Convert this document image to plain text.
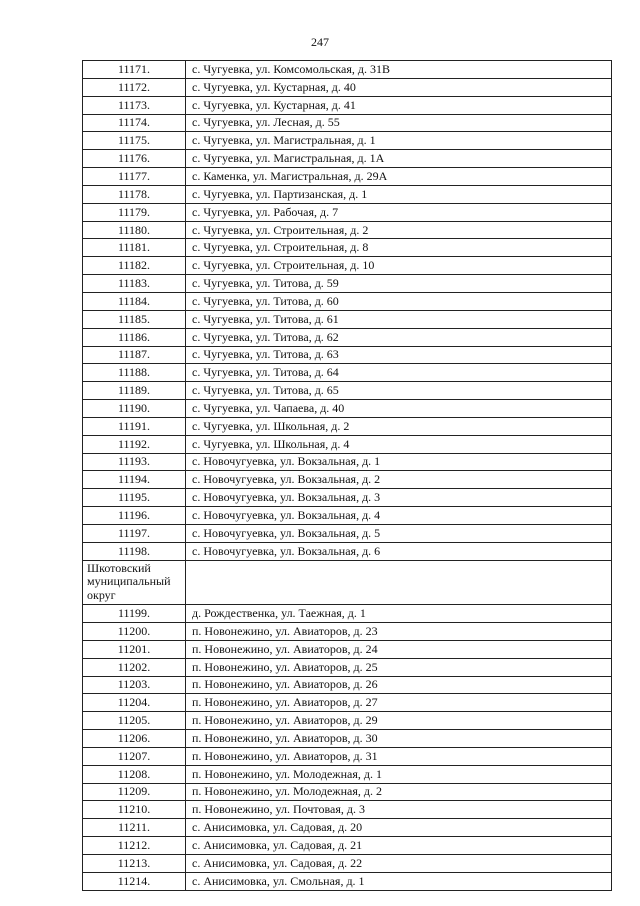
247
11171.	с. Чугуевка, ул. Комсомольская, д. 31В
11172.	с. Чугуевка, ул. Кустарная, д. 40
11173.	с. Чугуевка, ул. Кустарная, д. 41
11174.	с. Чугуевка, ул. Лесная, д. 55
11175.	с. Чугуевка, ул. Магистральная, д. 1
11176.	с. Чугуевка, ул. Магистральная, д. 1А
11177.	с. Каменка, ул. Магистральная, д. 29А
11178.	с. Чугуевка, ул. Партизанская, д. 1
11179.	с. Чугуевка, ул. Рабочая, д. 7
11180.	с. Чугуевка, ул. Строительная, д. 2
11181.	с. Чугуевка, ул. Строительная, д. 8
11182.	с. Чугуевка, ул. Строительная, д. 10
11183.	с. Чугуевка, ул. Титова, д. 59
11184.	с. Чугуевка, ул. Титова, д. 60
11185.	с. Чугуевка, ул. Титова, д. 61
11186.	с. Чугуевка, ул. Титова, д. 62
11187.	с. Чугуевка, ул. Титова, д. 63
11188.	с. Чугуевка, ул. Титова, д. 64
11189.	с. Чугуевка, ул. Титова, д. 65
11190.	с. Чугуевка, ул. Чапаева, д. 40
11191.	с. Чугуевка, ул. Школьная, д. 2
11192.	с. Чугуевка, ул. Школьная, д. 4
11193.	с. Новочугуевка, ул. Вокзальная, д. 1
11194.	с. Новочугуевка, ул. Вокзальная, д. 2
11195.	с. Новочугуевка, ул. Вокзальная, д. 3
11196.	с. Новочугуевка, ул. Вокзальная, д. 4
11197.	с. Новочугуевка, ул. Вокзальная, д. 5
11198.	с. Новочугуевка, ул. Вокзальная, д. 6
Шкотовский муниципальный округ	
11199.	д. Рождественка, ул. Таежная, д. 1
11200.	п. Новонежино, ул. Авиаторов, д. 23
11201.	п. Новонежино, ул. Авиаторов, д. 24
11202.	п. Новонежино, ул. Авиаторов, д. 25
11203.	п. Новонежино, ул. Авиаторов, д. 26
11204.	п. Новонежино, ул. Авиаторов, д. 27
11205.	п. Новонежино, ул. Авиаторов, д. 29
11206.	п. Новонежино, ул. Авиаторов, д. 30
11207.	п. Новонежино, ул. Авиаторов, д. 31
11208.	п. Новонежино, ул. Молодежная, д. 1
11209.	п. Новонежино, ул. Молодежная, д. 2
11210.	п. Новонежино, ул. Почтовая, д. 3
11211.	с. Анисимовка, ул. Садовая, д. 20
11212.	с. Анисимовка, ул. Садовая, д. 21
11213.	с. Анисимовка, ул. Садовая, д. 22
11214.	с. Анисимовка, ул. Смольная, д. 1
